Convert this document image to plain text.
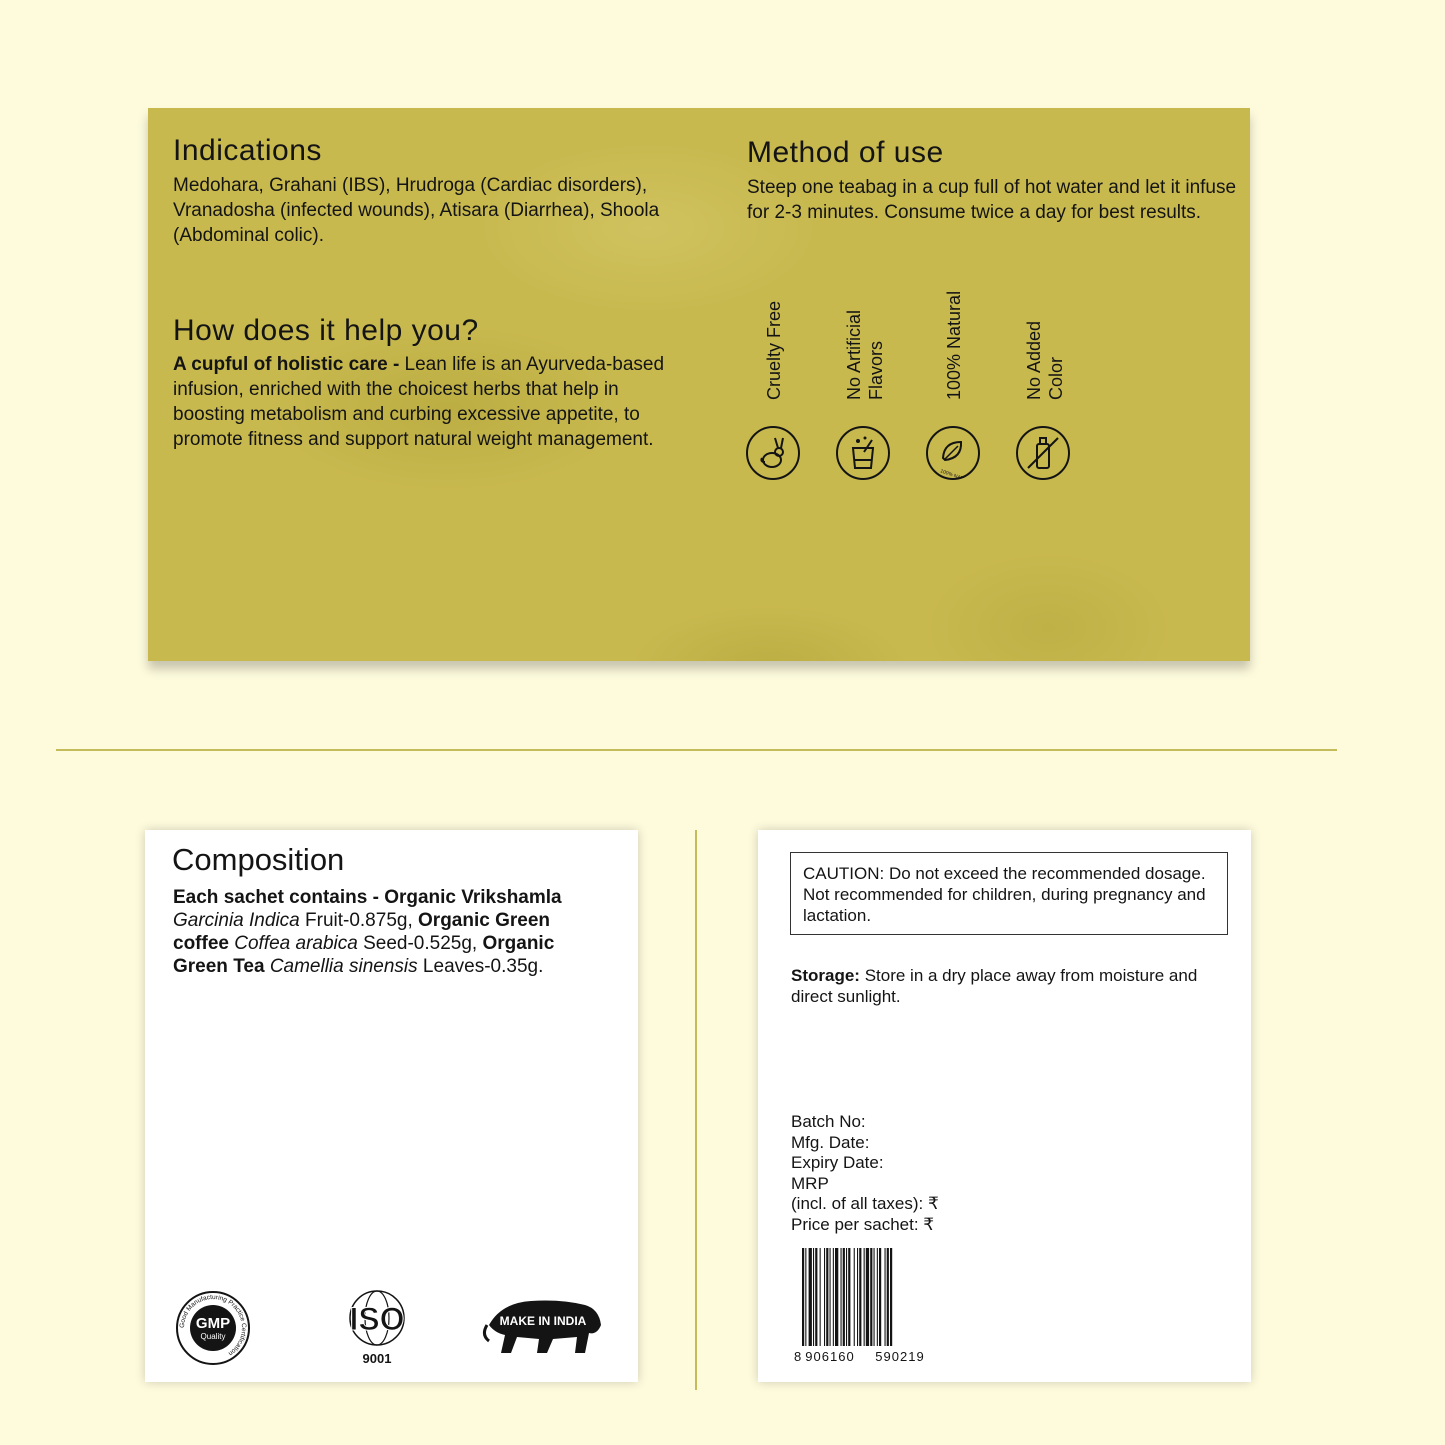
Indications

Medohara, Grahani (IBS), Hrudroga (Cardiac disorders), Vranadosha (infected wounds), Atisara (Diarrhea), Shoola (Abdominal colic).

How does it help you?

A cupful of holistic care - Lean life is an Ayurveda-based infusion, enriched with the choicest herbs that help in boosting metabolism and curbing excessive appetite, to promote fitness and support natural weight management.

Method of use

Steep one teabag in a cup full of hot water and let it infuse for 2-3 minutes. Consume twice a day for best results.

Cruelty Free	No Artificial Flavors	100% Natural
100% NATURAL
No Added Color
Composition

Each sachet contains - Organic Vrikshamla Garcinia Indica Fruit-0.875g, Organic Green coffee Coffea arabica Seed-0.525g, Organic Green Tea Camellia sinensis Leaves-0.35g.

Good Manufacturing Practice Certification
GMP
Quality	ISO
9001
MAKE IN INDIA
CAUTION: Do not exceed the recommended dosage. Not recommended for children, during pregnancy and lactation.

Storage: Store in a dry place away from moisture and direct sunlight.

Batch No:
Mfg. Date:
Expiry Date:
MRP
(incl. of all taxes): ₹
Price per sachet: ₹
8 906160 590219
